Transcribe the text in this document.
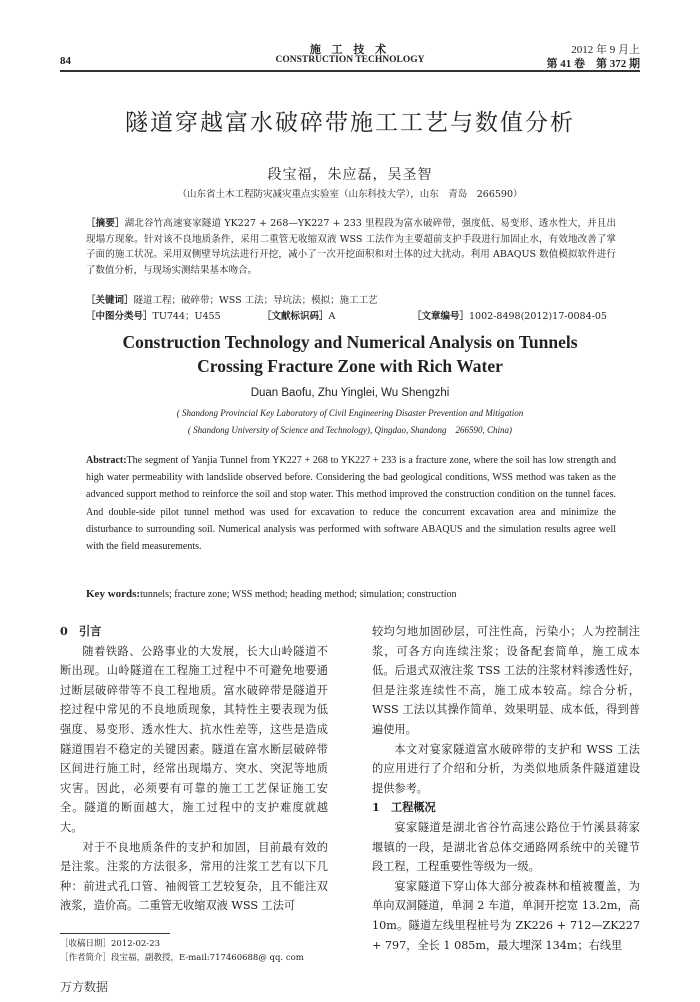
84
施 工 技 术
CONSTRUCTION TECHNOLOGY
2012 年 9 月上
第 41 卷　第 372 期
隧道穿越富水破碎带施工工艺与数值分析
段宝福，朱应磊，吴圣智
（山东省土木工程防灾减灾重点实验室（山东科技大学），山东　青岛　266590）
［摘要］湖北谷竹高速宴家隧道 YK227 + 268—YK227 + 233 里程段为富水破碎带，强度低、易变形、透水性大，并且出现塌方现象。针对该不良地质条件，采用二重管无收缩双液 WSS 工法作为主要超前支护手段进行加固止水，有效地改善了掌子面的施工状况。采用双侧壁导坑法进行开挖，减小了一次开挖面积和对土体的过大扰动。利用 ABAQUS 数值模拟软件进行了数值分析，与现场实测结果基本吻合。
［关键词］隧道工程；破碎带；WSS 工法；导坑法；模拟；施工工艺
［中图分类号］TU744；U455	［文献标识码］A	［文章编号］1002-8498(2012)17-0084-05
Construction Technology and Numerical Analysis on Tunnels
Crossing Fracture Zone with Rich Water
Duan Baofu, Zhu Yinglei, Wu Shengzhi
( Shandong Provincial Key Laboratory of Civil Engineering Disaster Prevention and Mitigation
( Shandong University of Science and Technology), Qingdao, Shandong　266590, China)
Abstract:The segment of Yanjia Tunnel from YK227 + 268 to YK227 + 233 is a fracture zone, where the soil has low strength and high water permeability with landslide observed before. Considering the bad geological conditions, WSS method was taken as the advanced support method to reinforce the soil and stop water. This method improved the construction condition on the tunnel faces. And double-side pilot tunnel method was used for excavation to reduce the concurrent excavation area and minimize the disturbance to surrounding soil. Numerical analysis was performed with software ABAQUS and the simulation results agree well with the field measurements.
Key words:tunnels; fracture zone; WSS method; heading method; simulation; construction

0　引言

随着铁路、公路事业的大发展，长大山岭隧道不断出现。山岭隧道在工程施工过程中不可避免地要通过断层破碎带等不良工程地质。富水破碎带是隧道开挖过程中常见的不良地质现象，其特性主要表现为低强度、易变形、透水性大、抗水性差等，这些是造成隧道围岩不稳定的关键因素。隧道在富水断层破碎带区间进行施工时，经常出现塌方、突水、突泥等地质灾害。因此，必须要有可靠的施工工艺保证施工安全。隧道的断面越大，施工过程中的支护难度就越大。

对于不良地质条件的支护和加固，目前最有效的是注浆。注浆的方法很多，常用的注浆工艺有以下几种：前进式孔口管、袖阀管工艺较复杂，且不能注双液浆，造价高。二重管无收缩双液 WSS 工法可

较均匀地加固砂层，可注性高，污染小；人为控制注浆，可各方向连续注浆；设备配套简单，施工成本低。后退式双液注浆 TSS 工法的注浆材料渗透性好，但是注浆连续性不高，施工成本较高。综合分析，WSS 工法以其操作简单、效果明显、成本低，得到普遍使用。

本文对宴家隧道富水破碎带的支护和 WSS 工法的应用进行了介绍和分析，为类似地质条件隧道建设提供参考。

1　工程概况

宴家隧道是湖北省谷竹高速公路位于竹溪县蒋家堰镇的一段，是湖北省总体交通路网系统中的关键节段工程，工程重要性等级为一级。

宴家隧道下穿山体大部分被森林和植被覆盖，为单向双洞隧道，单洞 2 车道，单洞开挖宽 13.2m，高 10m。隧道左线里程桩号为 ZK226 + 712—ZK227 + 797，全长 1 085m，最大埋深 134m；右线里

［收稿日期］2012-02-23
［作者简介］段宝福，副教授，E-mail:717460688@ qq. com
万方数据
